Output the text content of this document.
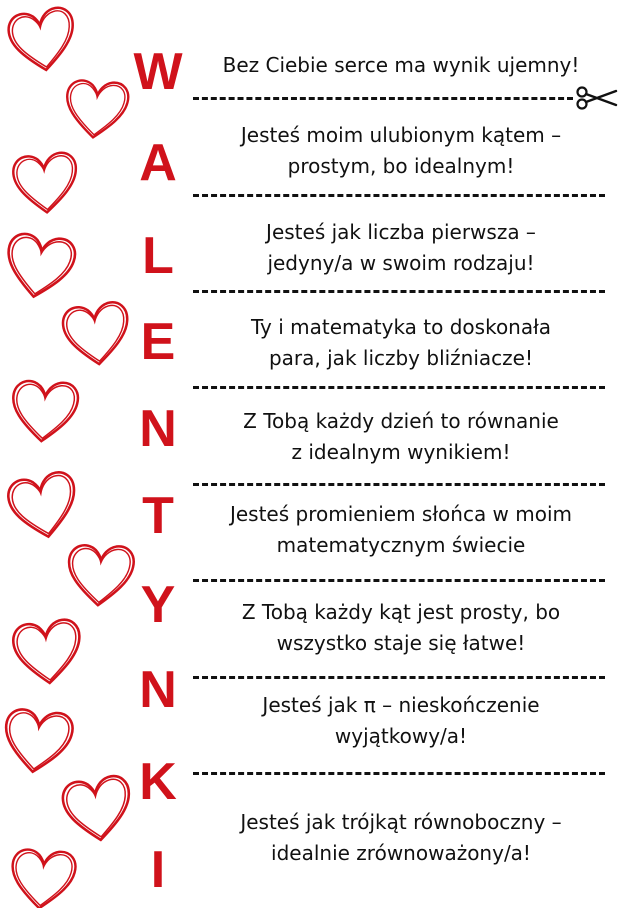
W
A
L
E
N
T
Y
N
K
I
Bez Ciebie serce ma wynik ujemny!
Jesteś moim ulubionym kątem –
prostym, bo idealnym!
Jesteś jak liczba pierwsza –
jedyny/a w swoim rodzaju!
Ty i matematyka to doskonała
para, jak liczby bliźniacze!
Z Tobą każdy dzień to równanie
z idealnym wynikiem!
Jesteś promieniem słońca w moim
matematycznym świecie
Z Tobą każdy kąt jest prosty, bo
wszystko staje się łatwe!
Jesteś jak π – nieskończenie
wyjątkowy/a!
Jesteś jak trójkąt równoboczny –
idealnie zrównoważony/a!
